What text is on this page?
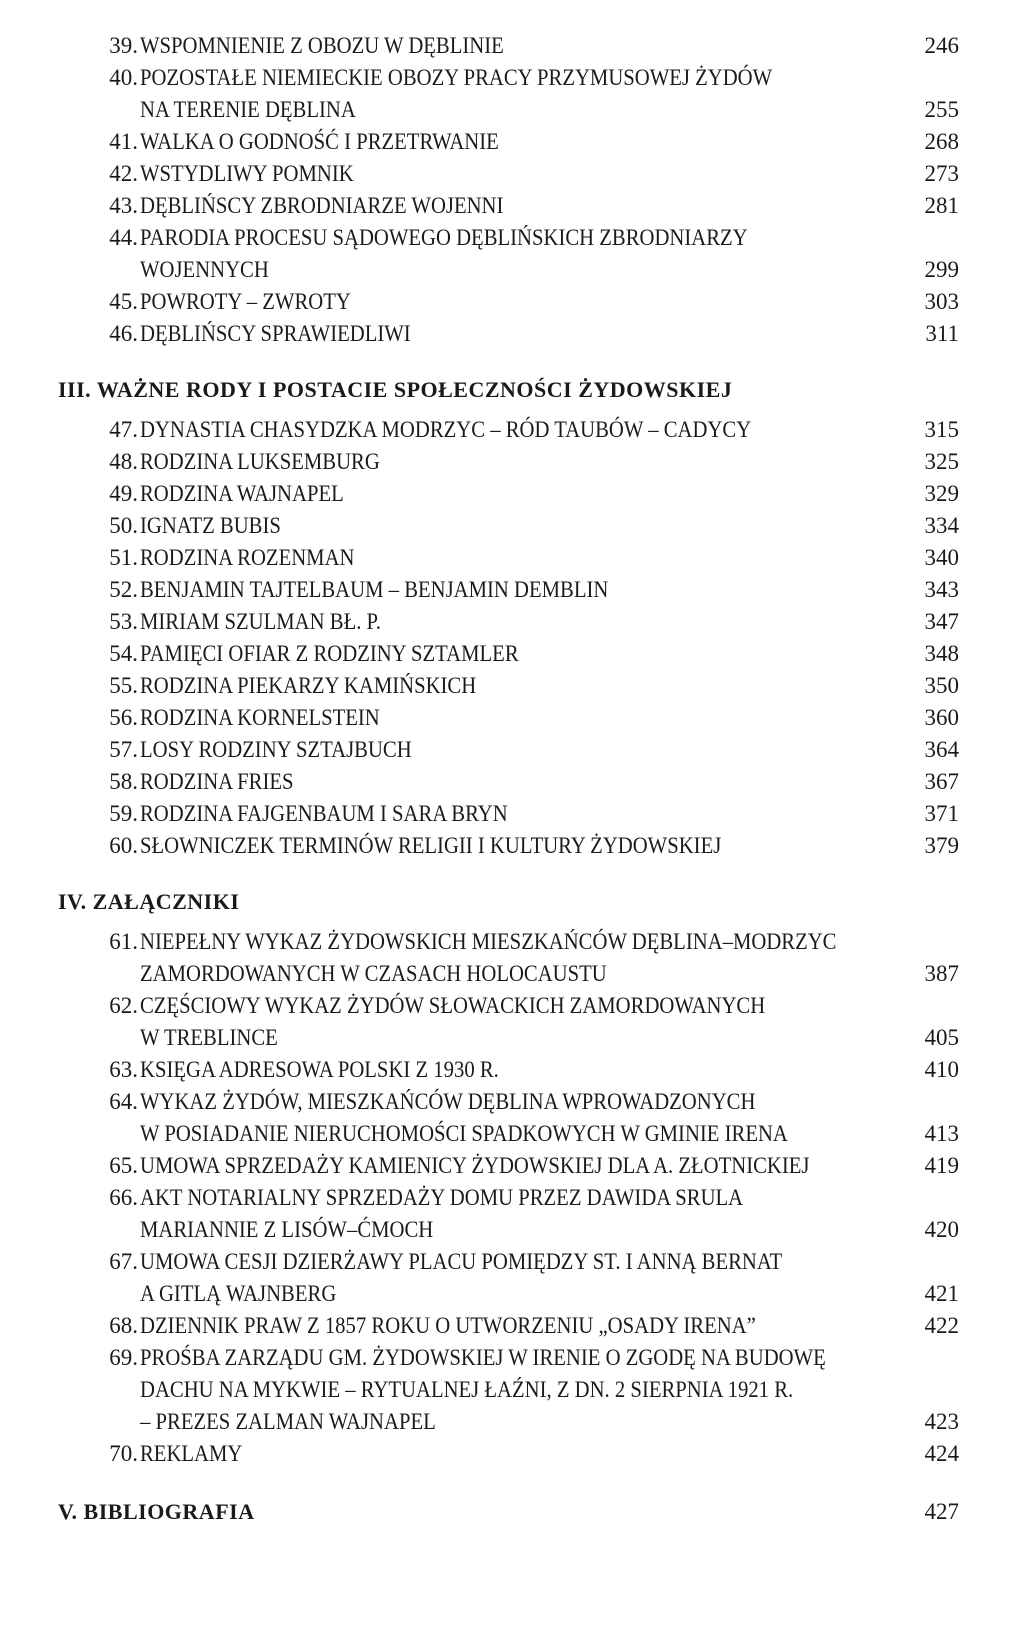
39. WSPOMNIENIE Z OBOZU W DĘBLINIE	246
40. POZOSTAŁE NIEMIECKIE OBOZY PRACY PRZYMUSOWEJ ŻYDÓW
NA TERENIE DĘBLINA	255
41. WALKA O GODNOŚĆ I PRZETRWANIE	268
42. WSTYDLIWY POMNIK	273
43. DĘBLIŃSCY ZBRODNIARZE WOJENNI	281
44. PARODIA PROCESU SĄDOWEGO DĘBLIŃSKICH ZBRODNIARZY
WOJENNYCH	299
45. POWROTY – ZWROTY	303
46. DĘBLIŃSCY SPRAWIEDLIWI	311
III. WAŻNE RODY I POSTACIE SPOŁECZNOŚCI ŻYDOWSKIEJ
47. DYNASTIA CHASYDZKA MODRZYC – RÓD TAUBÓW – CADYCY	315
48. RODZINA LUKSEMBURG	325
49. RODZINA WAJNAPEL	329
50. IGNATZ BUBIS	334
51. RODZINA ROZENMAN	340
52. BENJAMIN TAJTELBAUM – BENJAMIN DEMBLIN	343
53. MIRIAM SZULMAN BŁ. P.	347
54. PAMIĘCI OFIAR Z RODZINY SZTAMLER	348
55. RODZINA PIEKARZY KAMIŃSKICH	350
56. RODZINA KORNELSTEIN	360
57. LOSY RODZINY SZTAJBUCH	364
58. RODZINA FRIES	367
59. RODZINA FAJGENBAUM I SARA BRYN	371
60. SŁOWNICZEK TERMINÓW RELIGII I KULTURY ŻYDOWSKIEJ	379
IV. ZAŁĄCZNIKI
61. NIEPEŁNY WYKAZ ŻYDOWSKICH MIESZKAŃCÓW DĘBLINA–MODRZYC
ZAMORDOWANYCH W CZASACH HOLOCAUSTU	387
62. CZĘŚCIOWY WYKAZ ŻYDÓW SŁOWACKICH ZAMORDOWANYCH
W TREBLINCE	405
63. KSIĘGA ADRESOWA POLSKI Z 1930 R.	410
64. WYKAZ ŻYDÓW, MIESZKAŃCÓW DĘBLINA WPROWADZONYCH
W POSIADANIE NIERUCHOMOŚCI SPADKOWYCH W GMINIE IRENA	413
65. UMOWA SPRZEDAŻY KAMIENICY ŻYDOWSKIEJ DLA A. ZŁOTNICKIEJ	419
66. AKT NOTARIALNY SPRZEDAŻY DOMU PRZEZ DAWIDA SRULA
MARIANNIE Z LISÓW–ĆMOCH	420
67. UMOWA CESJI DZIERŻAWY PLACU POMIĘDZY ST. I ANNĄ BERNAT
A GITLĄ WAJNBERG	421
68. DZIENNIK PRAW Z 1857 ROKU O UTWORZENIU „OSADY IRENA”	422
69. PROŚBA ZARZĄDU GM. ŻYDOWSKIEJ W IRENIE O ZGODĘ NA BUDOWĘ
DACHU NA MYKWIE – RYTUALNEJ ŁAŹNI, Z DN. 2 SIERPNIA 1921 R.
– PREZES ZALMAN WAJNAPEL	423
70. REKLAMY	424
V. BIBLIOGRAFIA	427
